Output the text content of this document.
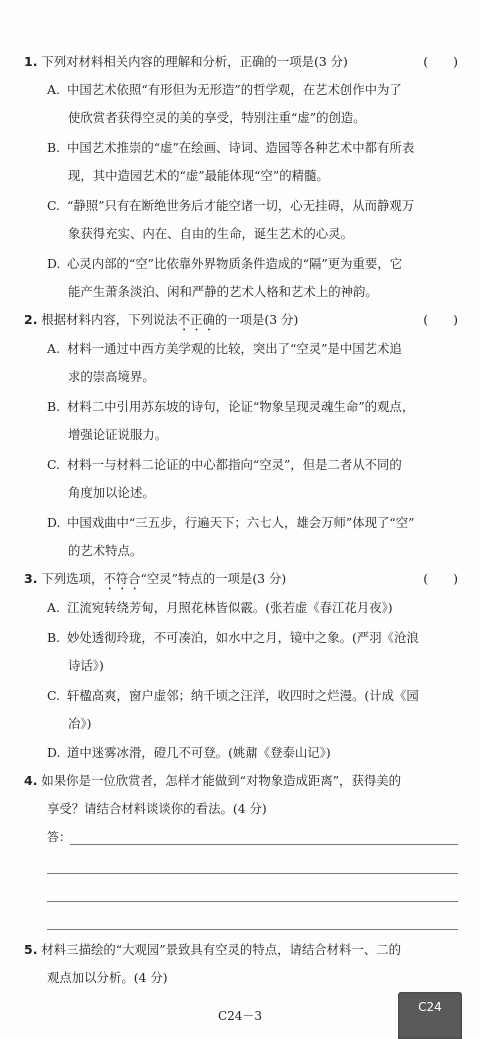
1. 下列对材料相关内容的理解和分析，正确的一项是(3 分)	(  )
A. 中国艺术依照“有形但为无形造”的哲学观，在艺术创作中为了
使欣赏者获得空灵的美的享受，特别注重“虚”的创造。
B. 中国艺术推崇的“虚”在绘画、诗词、造园等各种艺术中都有所表
现，其中造园艺术的“虚”最能体现“空”的精髓。
C. “静照”只有在断绝世务后才能空诸一切，心无挂碍，从而静观万
象获得充实、内在、自由的生命，诞生艺术的心灵。
D. 心灵内部的“空”比依靠外界物质条件造成的“隔”更为重要，它
能产生萧条淡泊、闲和严静的艺术人格和艺术上的神韵。
2. 根据材料内容，下列说法不正确的一项是(3 分)	(  )
A. 材料一通过中西方美学观的比较，突出了“空灵”是中国艺术追
求的崇高境界。
B. 材料二中引用苏东坡的诗句，论证“物象呈现灵魂生命”的观点，
增强论证说服力。
C. 材料一与材料二论证的中心都指向“空灵”，但是二者从不同的
角度加以论述。
D. 中国戏曲中“三五步，行遍天下；六七人，雄会万师”体现了“空”
的艺术特点。
3. 下列选项，不符合“空灵”特点的一项是(3 分)	(  )
A. 江流宛转绕芳甸，月照花林皆似霰。(张若虚《春江花月夜》)
B. 妙处透彻玲珑，不可凑泊，如水中之月，镜中之象。(严羽《沧浪
诗话》)
C. 轩楹高爽，窗户虚邻；纳千顷之汪洋，收四时之烂漫。(计成《园
冶》)
D. 道中迷雾冰滑，磴几不可登。(姚鼐《登泰山记》)
4. 如果你是一位欣赏者，怎样才能做到“对物象造成距离”，获得美的
享受？请结合材料谈谈你的看法。(4 分)
答：
5. 材料三描绘的“大观园”景致具有空灵的特点，请结合材料一、二的
观点加以分析。(4 分)
C24－3
C24
